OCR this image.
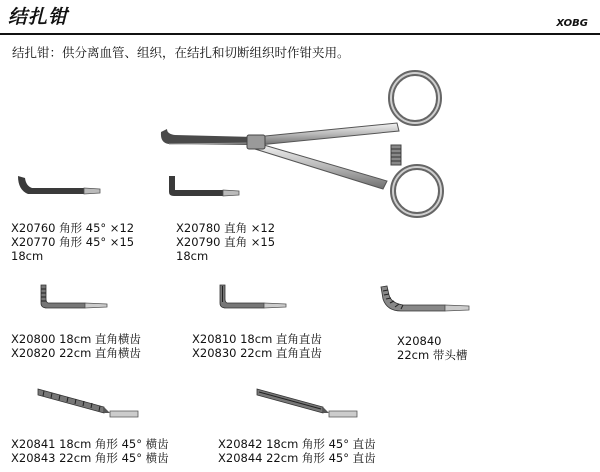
结扎钳	XOBG
结扎钳：供分离血管、组织，在结扎和切断组织时作钳夹用。
X20760 角形 45° ×12
X20770 角形 45° ×15
18cm
X20780 直角 ×12
X20790 直角 ×15
18cm
X20800 18cm 直角横齿
X20820 22cm 直角横齿
X20810 18cm 直角直齿
X20830 22cm 直角直齿
X20840
22cm 带头槽
X20841 18cm 角形 45° 横齿
X20843 22cm 角形 45° 横齿
X20842 18cm 角形 45° 直齿
X20844 22cm 角形 45° 直齿
